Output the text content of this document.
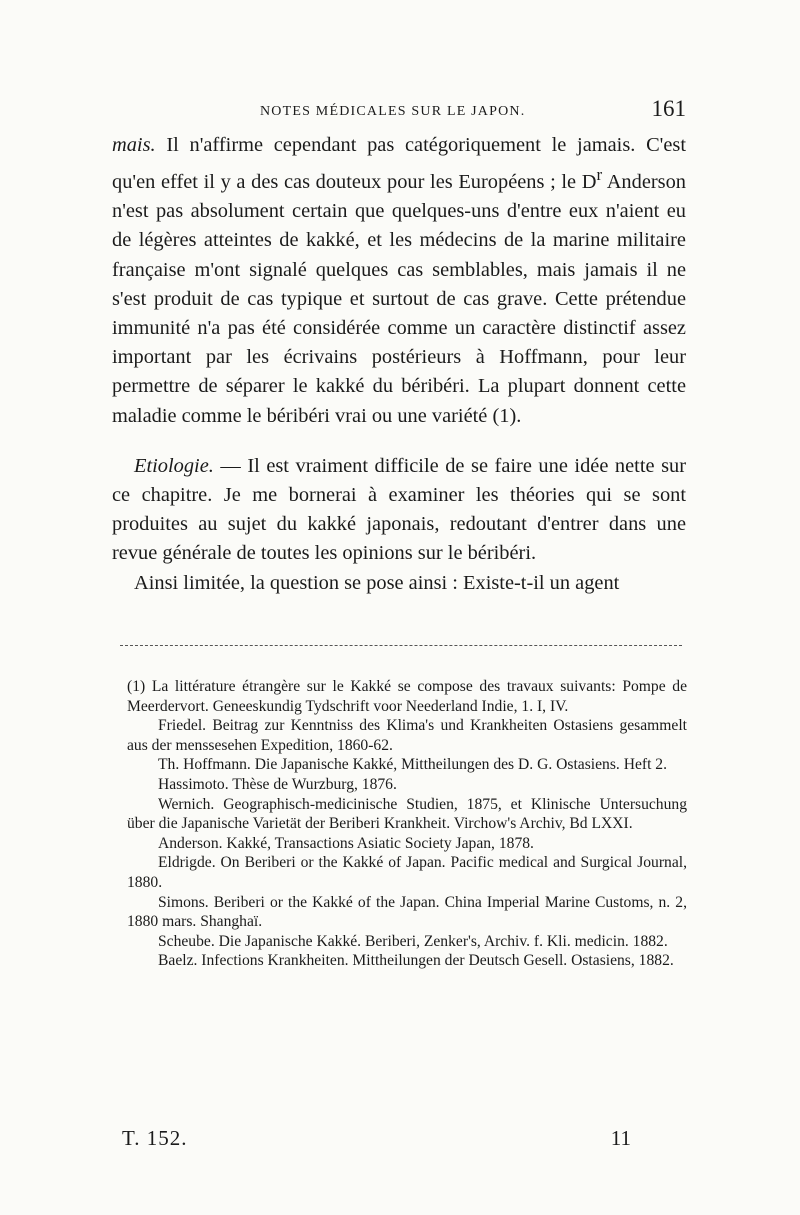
NOTES MÉDICALES SUR LE JAPON.	161

mais. Il n'affirme cependant pas catégoriquement le jamais. C'est qu'en effet il y a des cas douteux pour les Européens ; le $D^r$ Anderson n'est pas absolument certain que quelques-uns d'entre eux n'aient eu de légères atteintes de kakké, et les médecins de la marine militaire française m'ont signalé quelques cas semblables, mais jamais il ne s'est produit de cas typique et surtout de cas grave. Cette prétendue immunité n'a pas été considérée comme un caractère distinctif assez important par les écrivains postérieurs à Hoffmann, pour leur permettre de séparer le kakké du béribéri. La plupart donnent cette maladie comme le béribéri vrai ou une variété (1).

Etiologie. — Il est vraiment difficile de se faire une idée nette sur ce chapitre. Je me bornerai à examiner les théories qui se sont produites au sujet du kakké japonais, redoutant d'entrer dans une revue générale de toutes les opinions sur le béribéri.

Ainsi limitée, la question se pose ainsi : Existe-t-il un agent

(1) La littérature étrangère sur le Kakké se compose des travaux suivants: Pompe de Meerdervort. Geneeskundig Tydschrift voor Neederland Indie, 1. I, IV.

Friedel. Beitrag zur Kenntniss des Klima's und Krankheiten Ostasiens gesammelt aus der menssesehen Expedition, 1860-62.

Th. Hoffmann. Die Japanische Kakké, Mittheilungen des D. G. Ostasiens. Heft 2.

Hassimoto. Thèse de Wurzburg, 1876.

Wernich. Geographisch-medicinische Studien, 1875, et Klinische Untersuchung über die Japanische Varietät der Beriberi Krankheit. Virchow's Archiv, Bd LXXI.

Anderson. Kakké, Transactions Asiatic Society Japan, 1878.

Eldrigde. On Beriberi or the Kakké of Japan. Pacific medical and Surgical Journal, 1880.

Simons. Beriberi or the Kakké of the Japan. China Imperial Marine Customs, n. 2, 1880 mars. Shanghaï.

Scheube. Die Japanische Kakké. Beriberi, Zenker's, Archiv. f. Kli. medicin. 1882.

Baelz. Infections Krankheiten. Mittheilungen der Deutsch Gesell. Ostasiens, 1882.

T. 152.	11
